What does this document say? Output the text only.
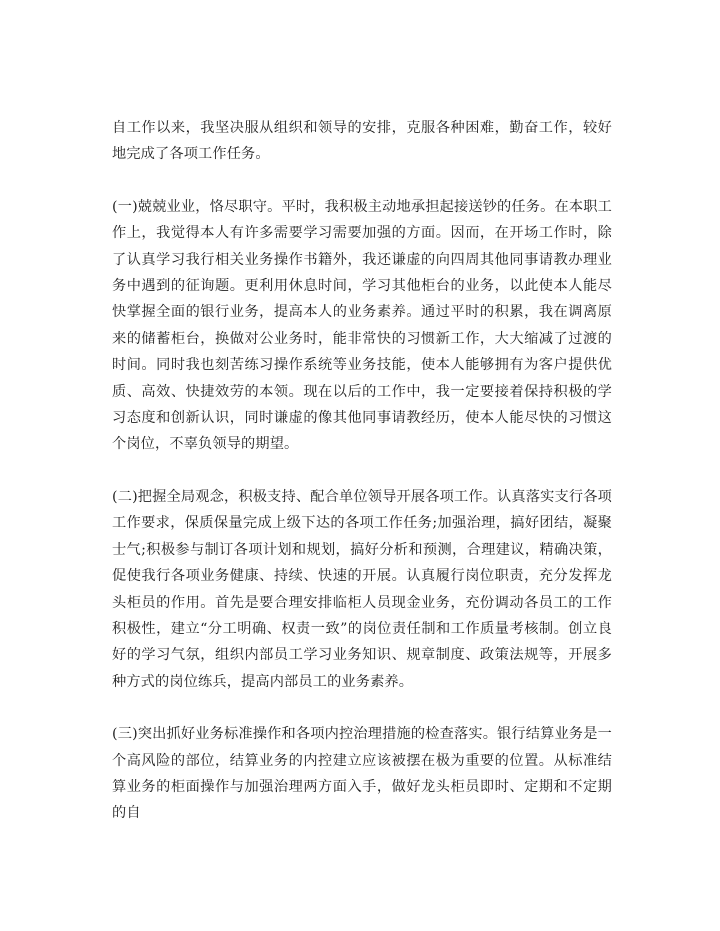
自工作以来，我坚决服从组织和领导的安排，克服各种困难，勤奋工作，较好地完成了各项工作任务。

(一)兢兢业业，恪尽职守。平时，我积极主动地承担起接送钞的任务。在本职工作上，我觉得本人有许多需要学习需要加强的方面。因而，在开场工作时，除了认真学习我行相关业务操作书籍外，我还谦虚的向四周其他同事请教办理业务中遇到的征询题。更利用休息时间，学习其他柜台的业务，以此使本人能尽快掌握全面的银行业务，提高本人的业务素养。通过平时的积累，我在调离原来的储蓄柜台，换做对公业务时，能非常快的习惯新工作，大大缩减了过渡的时间。同时我也刻苦练习操作系统等业务技能，使本人能够拥有为客户提供优质、高效、快捷效劳的本领。现在以后的工作中，我一定要接着保持积极的学习态度和创新认识，同时谦虚的像其他同事请教经历，使本人能尽快的习惯这个岗位，不辜负领导的期望。

(二)把握全局观念，积极支持、配合单位领导开展各项工作。认真落实支行各项工作要求，保质保量完成上级下达的各项工作任务;加强治理，搞好团结，凝聚士气;积极参与制订各项计划和规划，搞好分析和预测，合理建议，精确决策，促使我行各项业务健康、持续、快速的开展。认真履行岗位职责，充分发挥龙头柜员的作用。首先是要合理安排临柜人员现金业务，充份调动各员工的工作积极性，建立“分工明确、权责一致”的岗位责任制和工作质量考核制。创立良好的学习气氛，组织内部员工学习业务知识、规章制度、政策法规等，开展多种方式的岗位练兵，提高内部员工的业务素养。

(三)突出抓好业务标准操作和各项内控治理措施的检查落实。银行结算业务是一个高风险的部位，结算业务的内控建立应该被摆在极为重要的位置。从标准结算业务的柜面操作与加强治理两方面入手，做好龙头柜员即时、定期和不定期的自
